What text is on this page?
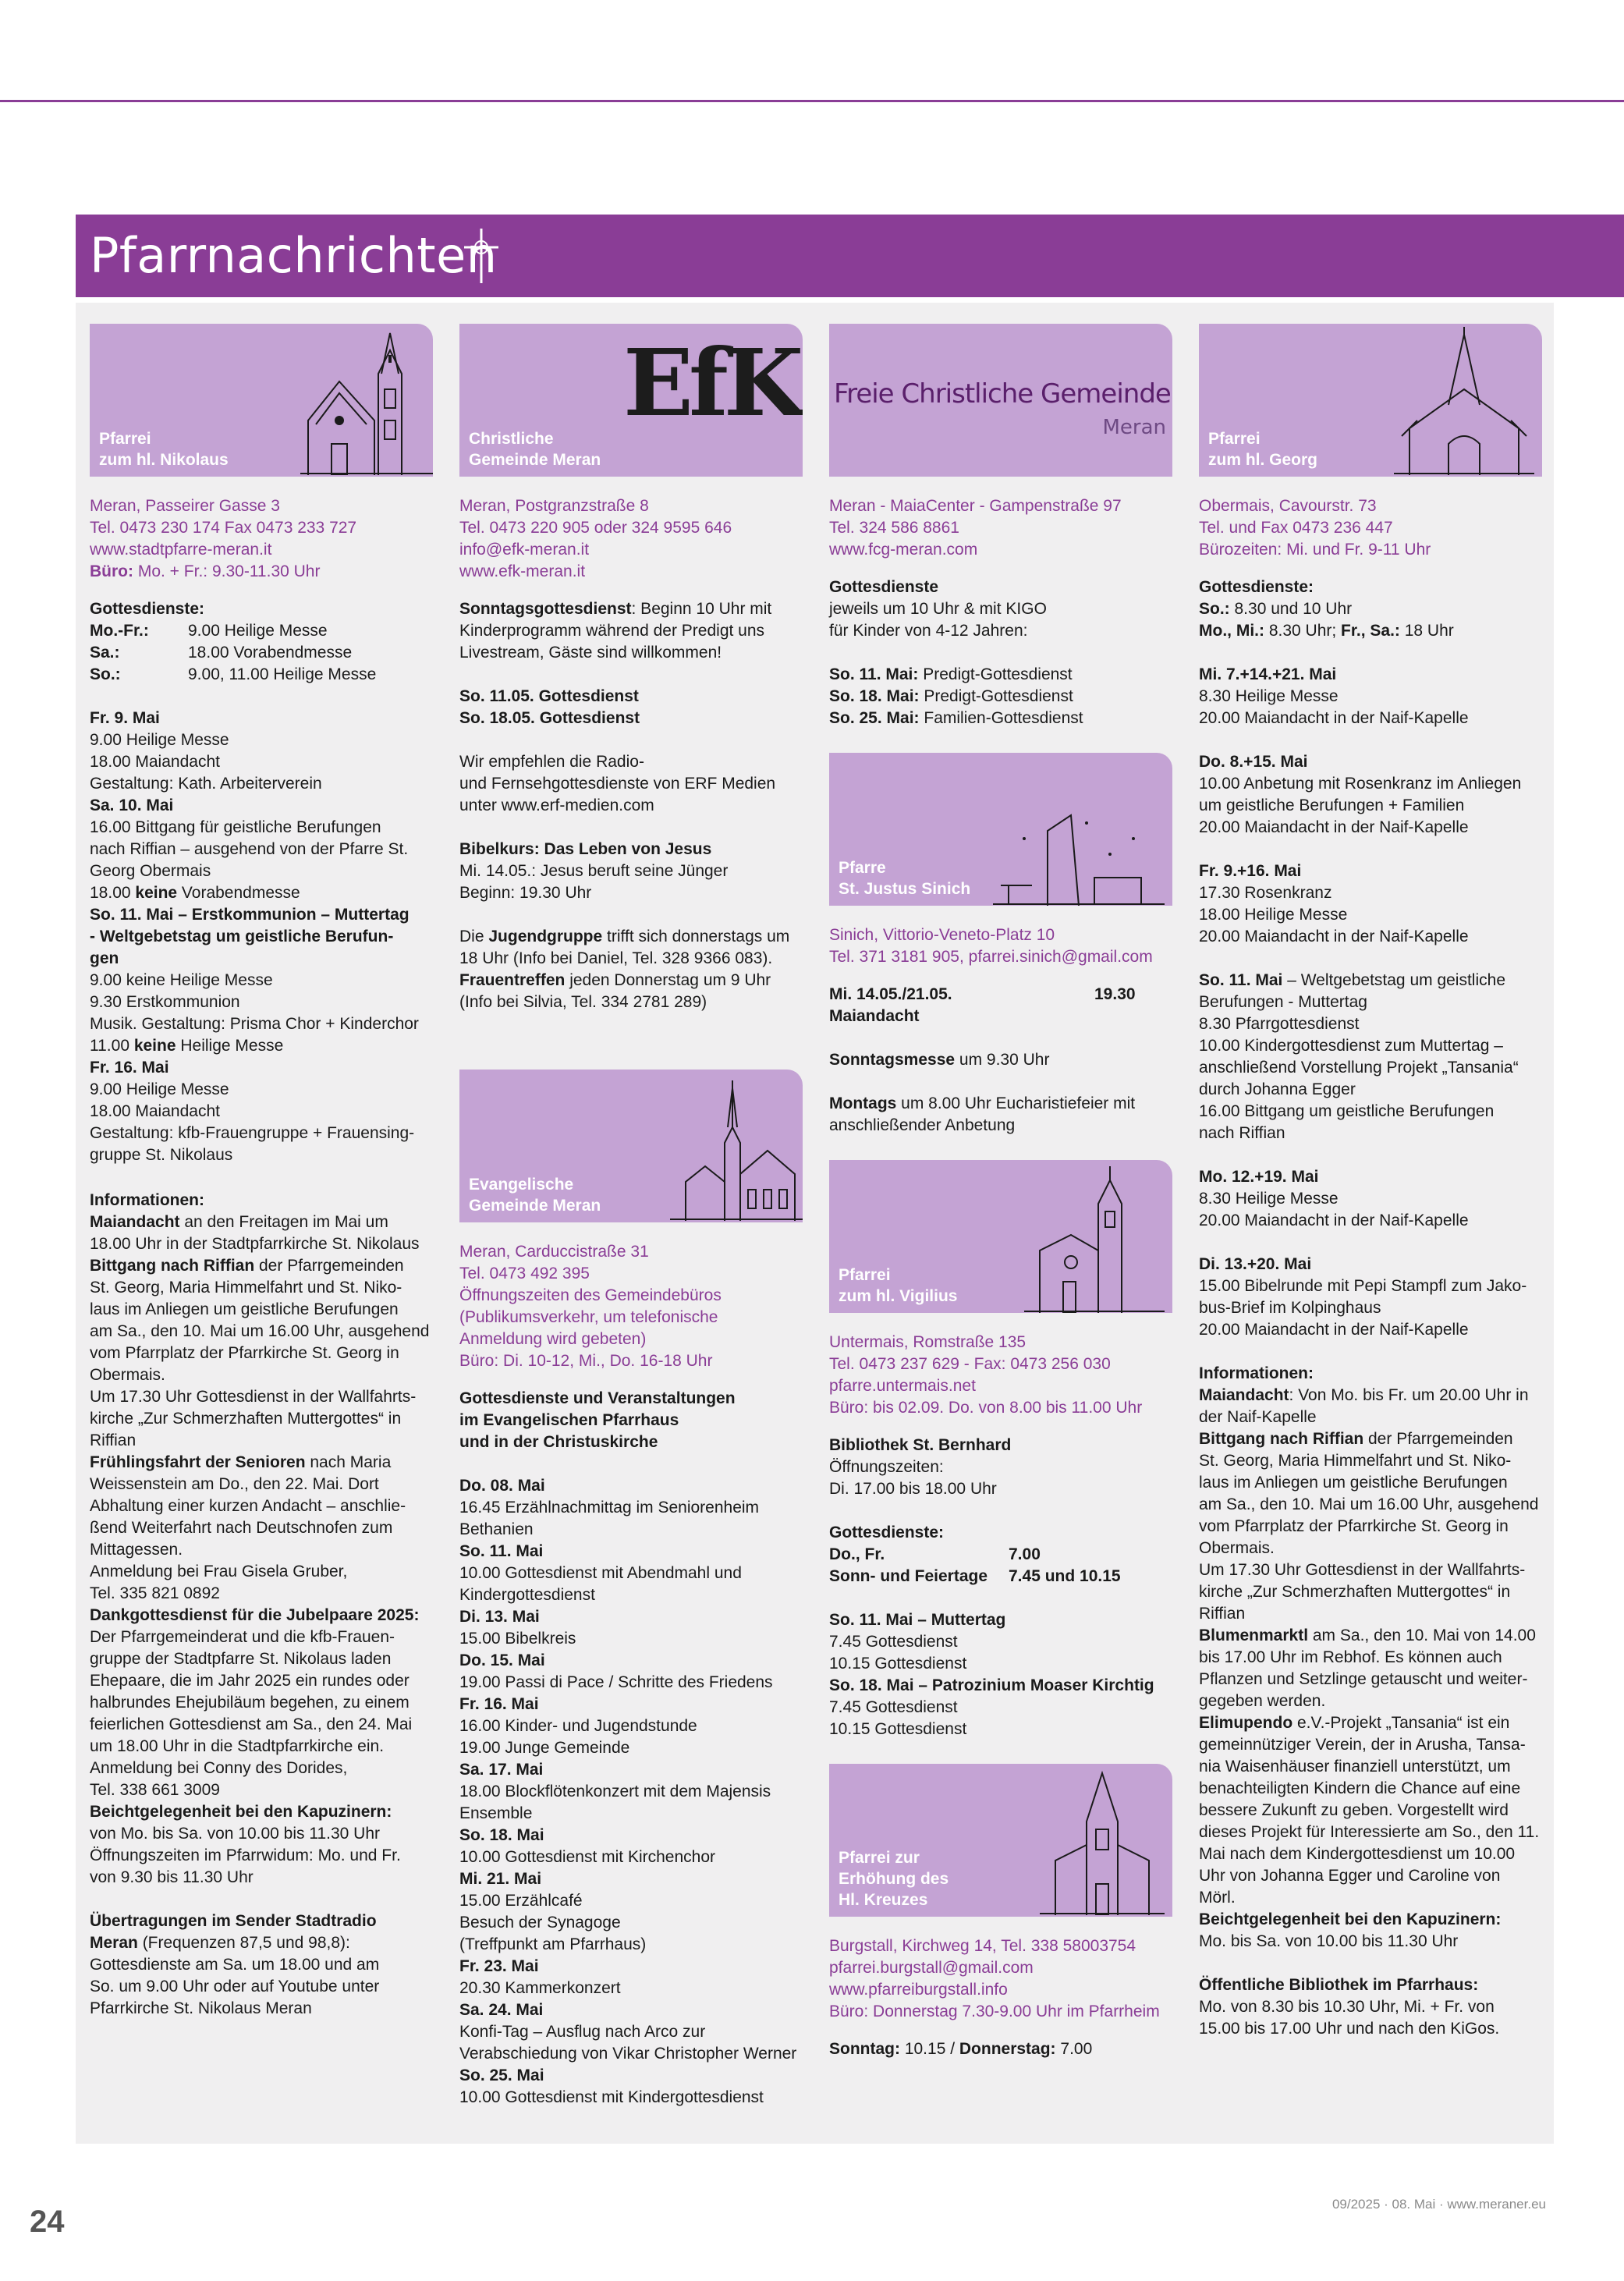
Pfarrnachrichten
Pfarrei
zum hl. Nikolaus
Meran, Passeirer Gasse 3
Tel. 0473 230 174 Fax 0473 233 727
www.stadtpfarre-meran.it
Büro: Mo. + Fr.: 9.30-11.30 Uhr
Gottesdienste:
Mo.-Fr.:	9.00 Heilige Messe
Sa.:	18.00 Vorabendmesse
So.:	9.00, 11.00 Heilige Messe
Fr. 9. Mai
9.00 Heilige Messe
18.00 Maiandacht
Gestaltung: Kath. Arbeiterverein
Sa. 10. Mai
16.00 Bittgang für geistliche Berufungen
nach Riffian – ausgehend von der Pfarre St.
Georg Obermais
18.00 keine Vorabendmesse
So. 11. Mai – Erstkommunion – Muttertag
- Weltgebetstag um geistliche Berufun-
gen
9.00 keine Heilige Messe
9.30 Erstkommunion
Musik. Gestaltung: Prisma Chor + Kinderchor
11.00 keine Heilige Messe
Fr. 16. Mai
9.00 Heilige Messe
18.00 Maiandacht
Gestaltung: kfb-Frauengruppe + Frauensing-
gruppe St. Nikolaus
Informationen:
Maiandacht an den Freitagen im Mai um
18.00 Uhr in der Stadtpfarrkirche St. Nikolaus
Bittgang nach Riffian der Pfarrgemeinden
St. Georg, Maria Himmelfahrt und St. Niko-
laus im Anliegen um geistliche Berufungen
am Sa., den 10. Mai um 16.00 Uhr, ausgehend
vom Pfarrplatz der Pfarrkirche St. Georg in
Obermais.
Um 17.30 Uhr Gottesdienst in der Wallfahrts-
kirche „Zur Schmerzhaften Muttergottes“ in
Riffian
Frühlingsfahrt der Senioren nach Maria
Weissenstein am Do., den 22. Mai. Dort
Abhaltung einer kurzen Andacht – anschlie-
ßend Weiterfahrt nach Deutschnofen zum
Mittagessen.
Anmeldung bei Frau Gisela Gruber,
Tel. 335 821 0892
Dankgottesdienst für die Jubelpaare 2025:
Der Pfarrgemeinderat und die kfb-Frauen-
gruppe der Stadtpfarre St. Nikolaus laden
Ehepaare, die im Jahr 2025 ein rundes oder
halbrundes Ehejubiläum begehen, zu einem
feierlichen Gottesdienst am Sa., den 24. Mai
um 18.00 Uhr in die Stadtpfarrkirche ein.
Anmeldung bei Conny des Dorides,
Tel. 338 661 3009
Beichtgelegenheit bei den Kapuzinern:
von Mo. bis Sa. von 10.00 bis 11.30 Uhr
Öffnungszeiten im Pfarrwidum: Mo. und Fr.
von 9.30 bis 11.30 Uhr
Übertragungen im Sender Stadtradio
Meran (Frequenzen 87,5 und 98,8):
Gottesdienste am Sa. um 18.00 und am
So. um 9.00 Uhr oder auf Youtube unter
Pfarrkirche St. Nikolaus Meran
EfK
Christliche
Gemeinde Meran
Meran, Postgranzstraße 8
Tel. 0473 220 905 oder 324 9595 646
info@efk-meran.it
www.efk-meran.it
Sonntagsgottesdienst: Beginn 10 Uhr mit
Kinderprogramm während der Predigt uns
Livestream, Gäste sind willkommen!
So. 11.05. Gottesdienst
So. 18.05. Gottesdienst
Wir empfehlen die Radio-
und Fernsehgottesdienste von ERF Medien
unter www.erf-medien.com
Bibelkurs: Das Leben von Jesus
Mi. 14.05.: Jesus beruft seine Jünger
Beginn: 19.30 Uhr
Die Jugendgruppe trifft sich donnerstags um
18 Uhr (Info bei Daniel, Tel. 328 9366 083).
Frauentreffen jeden Donnerstag um 9 Uhr
(Info bei Silvia, Tel. 334 2781 289)
Evangelische
Gemeinde Meran
Meran, Carduccistraße 31
Tel. 0473 492 395
Öffnungszeiten des Gemeindebüros
(Publikumsverkehr, um telefonische
Anmeldung wird gebeten)
Büro: Di. 10-12, Mi., Do. 16-18 Uhr
Gottesdienste und Veranstaltungen
im Evangelischen Pfarrhaus
und in der Christuskirche
Do. 08. Mai
16.45 Erzählnachmittag im Seniorenheim
Bethanien
So. 11. Mai
10.00 Gottesdienst mit Abendmahl und
Kindergottesdienst
Di. 13. Mai
15.00 Bibelkreis
Do. 15. Mai
19.00 Passi di Pace / Schritte des Friedens
Fr. 16. Mai
16.00 Kinder- und Jugendstunde
19.00 Junge Gemeinde
Sa. 17. Mai
18.00 Blockflötenkonzert mit dem Majensis
Ensemble
So. 18. Mai
10.00 Gottesdienst mit Kirchenchor
Mi. 21. Mai
15.00 Erzählcafé
Besuch der Synagoge
(Treffpunkt am Pfarrhaus)
Fr. 23. Mai
20.30 Kammerkonzert
Sa. 24. Mai
Konfi-Tag – Ausflug nach Arco zur
Verabschiedung von Vikar Christopher Werner
So. 25. Mai
10.00 Gottesdienst mit Kindergottesdienst
Freie Christliche Gemeinde
Meran
Meran - MaiaCenter - Gampenstraße 97
Tel. 324 586 8861
www.fcg-meran.com
Gottesdienste
jeweils um 10 Uhr & mit KIGO
für Kinder von 4-12 Jahren:
So. 11. Mai: Predigt-Gottesdienst
So. 18. Mai: Predigt-Gottesdienst
So. 25. Mai: Familien-Gottesdienst
Pfarre
St. Justus Sinich
Sinich, Vittorio-Veneto-Platz 10
Tel. 371 3181 905, pfarrei.sinich@gmail.com
Mi. 14.05./21.05.	19.30
Maiandacht
Sonntagsmesse um 9.30 Uhr
Montags um 8.00 Uhr Eucharistiefeier mit
anschließender Anbetung
Pfarrei
zum hl. Vigilius
Untermais, Romstraße 135
Tel. 0473 237 629 - Fax: 0473 256 030
pfarre.untermais.net
Büro: bis 02.09. Do. von 8.00 bis 11.00 Uhr
Bibliothek St. Bernhard
Öffnungszeiten:
Di. 17.00 bis 18.00 Uhr
Gottesdienste:
Do., Fr.	7.00
Sonn- und Feiertage	7.45 und 10.15
So. 11. Mai – Muttertag
7.45 Gottesdienst
10.15 Gottesdienst
So. 18. Mai – Patrozinium Moaser Kirchtig
7.45 Gottesdienst
10.15 Gottesdienst
Pfarrei zur
Erhöhung des
Hl. Kreuzes
Burgstall, Kirchweg 14, Tel. 338 58003754
pfarrei.burgstall@gmail.com
www.pfarreiburgstall.info
Büro: Donnerstag 7.30-9.00 Uhr im Pfarrheim
Sonntag: 10.15 / Donnerstag: 7.00
Pfarrei
zum hl. Georg
Obermais, Cavourstr. 73
Tel. und Fax 0473 236 447
Bürozeiten: Mi. und Fr. 9-11 Uhr
Gottesdienste:
So.: 8.30 und 10 Uhr
Mo., Mi.: 8.30 Uhr; Fr., Sa.: 18 Uhr
Mi. 7.+14.+21. Mai
8.30 Heilige Messe
20.00 Maiandacht in der Naif-Kapelle
Do. 8.+15. Mai
10.00 Anbetung mit Rosenkranz im Anliegen
um geistliche Berufungen + Familien
20.00 Maiandacht in der Naif-Kapelle
Fr. 9.+16. Mai
17.30 Rosenkranz
18.00 Heilige Messe
20.00 Maiandacht in der Naif-Kapelle
So. 11. Mai – Weltgebetstag um geistliche
Berufungen - Muttertag
8.30 Pfarrgottesdienst
10.00 Kindergottesdienst zum Muttertag –
anschließend Vorstellung Projekt „Tansania“
durch Johanna Egger
16.00 Bittgang um geistliche Berufungen
nach Riffian
Mo. 12.+19. Mai
8.30 Heilige Messe
20.00 Maiandacht in der Naif-Kapelle
Di. 13.+20. Mai
15.00 Bibelrunde mit Pepi Stampfl zum Jako-
bus-Brief im Kolpinghaus
20.00 Maiandacht in der Naif-Kapelle
Informationen:
Maiandacht: Von Mo. bis Fr. um 20.00 Uhr in
der Naif-Kapelle
Bittgang nach Riffian der Pfarrgemeinden
St. Georg, Maria Himmelfahrt und St. Niko-
laus im Anliegen um geistliche Berufungen
am Sa., den 10. Mai um 16.00 Uhr, ausgehend
vom Pfarrplatz der Pfarrkirche St. Georg in
Obermais.
Um 17.30 Uhr Gottesdienst in der Wallfahrts-
kirche „Zur Schmerzhaften Muttergottes“ in
Riffian
Blumenmarktl am Sa., den 10. Mai von 14.00
bis 17.00 Uhr im Rebhof. Es können auch
Pflanzen und Setzlinge getauscht und weiter-
gegeben werden.
Elimupendo e.V.-Projekt „Tansania“ ist ein
gemeinnütziger Verein, der in Arusha, Tansa-
nia Waisenhäuser finanziell unterstützt, um
benachteiligten Kindern die Chance auf eine
bessere Zukunft zu geben. Vorgestellt wird
dieses Projekt für Interessierte am So., den 11.
Mai nach dem Kindergottesdienst um 10.00
Uhr von Johanna Egger und Caroline von
Mörl.
Beichtgelegenheit bei den Kapuzinern:
Mo. bis Sa. von 10.00 bis 11.30 Uhr
Öffentliche Bibliothek im Pfarrhaus:
Mo. von 8.30 bis 10.30 Uhr, Mi. + Fr. von
15.00 bis 17.00 Uhr und nach den KiGos.
24
09/2025 · 08. Mai · www.meraner.eu
